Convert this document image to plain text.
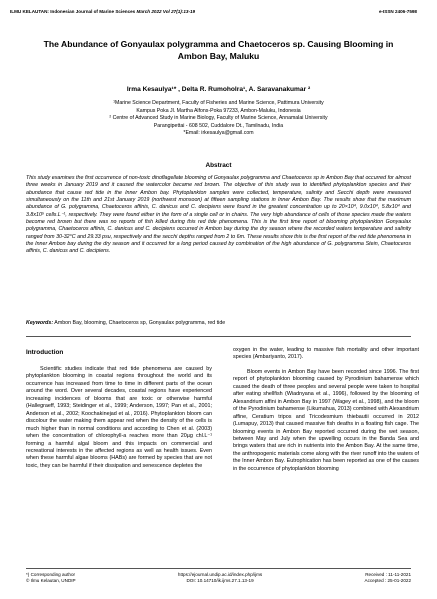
ILMU KELAUTAN: Indonesian Journal of Marine Sciences March 2022 Vol 27(1):13-19	e-ISSN 2406-7598
The Abundance of Gonyaulax polygramma and Chaetoceros sp. Causing Blooming in Ambon Bay, Maluku
Irma Kesaulya¹* , Delta R. Rumoholra¹, A. Saravanakumar ²
¹Marine Science Department, Faculty of Fisheries and Marine Science, Pattimura University
Kampus Poka Jl. Martha Alfons-Poka 97233, Ambon-Maluku, Indonesia
² Centre of Advanced Study in Marine Biology, Faculty of Marine Science, Annamalai University
Parangipettai - 608 502, Cuddalore Dt., Tamilnadu, India
*Email: irkesaulya@gmail.com
Abstract
This study examines the first occurrence of non-toxic dinoflagellate blooming of Gonyaulax polygramma and Chaetoceros sp in Ambon Bay that occurred for almost three weeks in January 2019 and it caused the watercolor became red brown. The objective of this study was to identified phytoplankton species and their abundance that cause red tide in the Inner Ambon bay. Phytoplankton samples were collected, temperature, salinity and Secchi depth were measured simultaneously on the 11th and 21st January 2019 (northwest monsoon) at fifteen sampling stations in Inner Ambon Bay. The results show that the maximum abundance of G. polygramma, Chaetoceros affinis, C. danicus and C. decipiens were found in the greatest concentration up to 20×10⁴, 9.0x10⁴, 5.8x10⁴ and 3.8x10⁵ cells.L⁻¹, respectively. They were found either in the form of a single cell or in chains. The very high abundance of cells of those species made the waters become red brown but there was no reports of fish killed during this red tide phenomena. This is the first time report of blooming phytoplankton Gonyaulax polygramma, Chaetoceros affinis, C. danicus and C. decipiens occurred in Ambon bay during the dry season where the recorded waters temperature and salinity ranged from 30-32°C and 29.33 psu, respectively and the secchi depths ranged from 2 to 6m. These results show this is the first report of the red tide phenomena in the Inner Ambon bay during the dry season and it occurred for a long period caused by combination of the high abundance of G. polygramma Stein, Chaetoceros affinis, C. danicus and C. decipiens.
Keywords: Ambon Bay, blooming, Chaetoceros sp, Gonyaulax polygramma, red tide
Introduction

Scientific studies indicate that red tide phenomena are caused by phytoplankton blooming in coastal regions throughout the world and its occurrence has increased from time to time in different parts of the ocean around the word. Over several decades, coastal regions have experienced increasing incidences of blooms that are toxic or otherwise harmful (Hallegraeff, 1993; Steidinger et al., 1999; Anderson, 1997; Pan et al., 2001; Anderson et al., 2002; Koochakinejad et al., 2016). Phytoplankton bloom can discolour the water making them appear red when the density of the cells is much higher than in normal conditions and according to Chen et al. (2003) when the concentration of chlorophyll-a reaches more than 20µg chl.L⁻¹ forming a harmful algal bloom and this impacts on commercial and recreational interests in the affected regions as well as health issues. Even when these harmful algae blooms (HABs) are formed by species that are not toxic, they can be harmful if their dissipation and senescence depletes the

oxygen in the water, leading to massive fish mortality and other important species (Ambariyanto, 2017).

Bloom events in Ambon Bay have been recorded since 1996. The first report of phytoplankton blooming caused by Pyrodinium bahamense which caused the death of three peoples and several people were taken to hospital after eating shellfish (Wiadnyana et al., 1996), followed by the blooming of Alexandrium affini in Ambon Bay in 1997 (Wagey et al., 1998), and the bloom of the Pyrodinium bahamense (Likumahua, 2013) combined with Alexandrium affine, Ceratium tripos and Tricodesmium thiebautii occurred in 2012 (Lumapuy, 2013) that caused massive fish deaths in a floating fish cage. The blooming events in Ambon Bay reported occurred during the wet season, between May and July when the upwelling occurs in the Banda Sea and brings waters that are rich in nutrients into the Ambon Bay. At the same time, the anthropogenic materials come along with the river runoff into the waters of the Inner Ambon Bay. Eutrophication has been reported as one of the causes in the occurrence of phytoplankton blooming

*) Corresponding author
© Ilmu Kelautan, UNDIP
https://ejournal.undip.ac.id/index.php/ijms
DOI: 10.14710/ik.ijms.27.1.13-19
Received : 11-11-2021
Accepted : 25-01-2022
